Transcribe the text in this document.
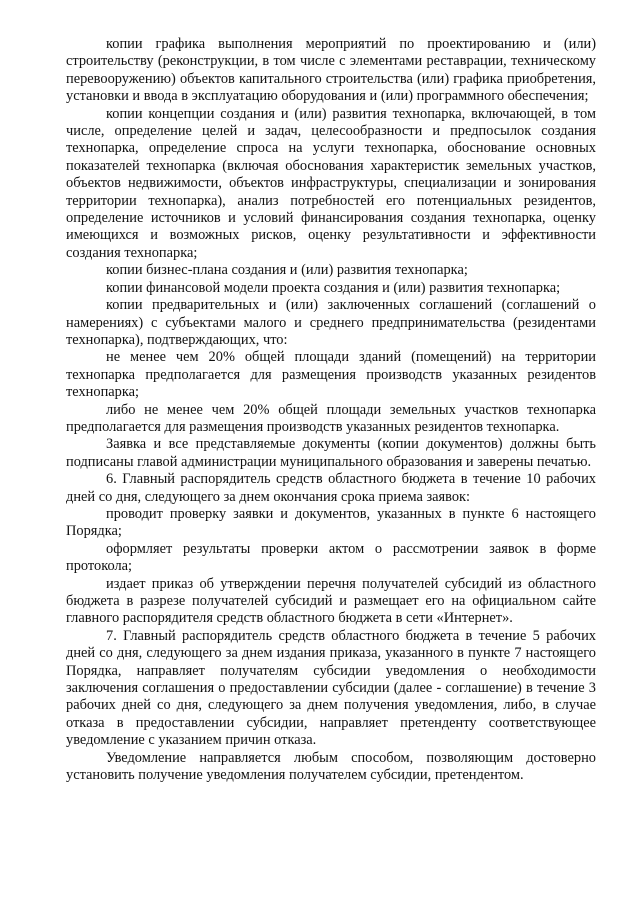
копии графика выполнения мероприятий по проектированию и (или) строительству (реконструкции, в том числе с элементами реставрации, техническому перевооружению) объектов капитального строительства (или) графика приобретения, установки и ввода в эксплуатацию оборудования и (или) программного обеспечения;

копии концепции создания и (или) развития технопарка, включающей, в том числе, определение целей и задач, целесообразности и предпосылок создания технопарка, определение спроса на услуги технопарка, обоснование основных показателей технопарка (включая обоснования характеристик земельных участков, объектов недвижимости, объектов инфраструктуры, специализации и зонирования территории технопарка), анализ потребностей его потенциальных резидентов, определение источников и условий финансирования создания технопарка, оценку имеющихся и возможных рисков, оценку результативности и эффективности создания технопарка;

копии бизнес-плана создания и (или) развития технопарка;

копии финансовой модели проекта создания и (или) развития технопарка;

копии предварительных и (или) заключенных соглашений (соглашений о намерениях) с субъектами малого и среднего предпринимательства (резидентами технопарка), подтверждающих, что:

не менее чем 20% общей площади зданий (помещений) на территории технопарка предполагается для размещения производств указанных резидентов технопарка;

либо не менее чем 20% общей площади земельных участков технопарка предполагается для размещения производств указанных резидентов технопарка.

Заявка и все представляемые документы (копии документов) должны быть подписаны главой администрации муниципального образования и заверены печатью.

6. Главный распорядитель средств областного бюджета в течение 10 рабочих дней со дня, следующего за днем окончания срока приема заявок:

проводит проверку заявки и документов, указанных в пункте 6 настоящего Порядка;

оформляет результаты проверки актом о рассмотрении заявок в форме протокола;

издает приказ об утверждении перечня получателей субсидий из областного бюджета в разрезе получателей субсидий и размещает его на официальном сайте главного распорядителя средств областного бюджета в сети «Интернет».

7. Главный распорядитель средств областного бюджета в течение 5 рабочих дней со дня, следующего за днем издания приказа, указанного в пункте 7 настоящего Порядка, направляет получателям субсидии уведомления о необходимости заключения соглашения о предоставлении субсидии (далее - соглашение) в течение 3 рабочих дней со дня, следующего за днем получения уведомления, либо, в случае отказа в предоставлении субсидии, направляет претенденту соответствующее уведомление с указанием причин отказа.

Уведомление направляется любым способом, позволяющим достоверно установить получение уведомления получателем субсидии, претендентом.
